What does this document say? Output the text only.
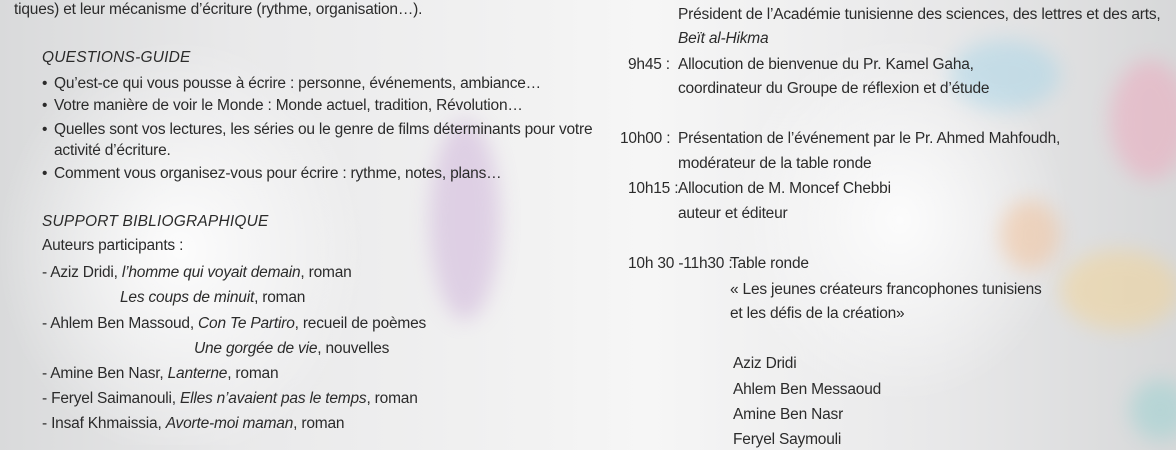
tiques) et leur mécanisme d’écriture (rythme, organisation…).
QUESTIONS-GUIDE
• Qu’est-ce qui vous pousse à écrire : personne, événements, ambiance…
• Votre manière de voir le Monde : Monde actuel, tradition, Révolution…
• Quelles sont vos lectures, les séries ou le genre de films déterminants pour votre
activité d’écriture.
• Comment vous organisez-vous pour écrire : rythme, notes, plans…
SUPPORT BIBLIOGRAPHIQUE
Auteurs participants :
- Aziz Dridi, l’homme qui voyait demain, roman
Les coups de minuit, roman
- Ahlem Ben Massoud, Con Te Partiro, recueil de poèmes
Une gorgée de vie, nouvelles
- Amine Ben Nasr, Lanterne, roman
- Feryel Saimanouli, Elles n’avaient pas le temps, roman
- Insaf Khmaissia, Avorte-moi maman, roman
Président de l’Académie tunisienne des sciences, des lettres et des arts,
Beït al-Hikma
9h45 : Allocution de bienvenue du Pr. Kamel Gaha,
coordinateur du Groupe de réflexion et d’étude
10h00 : Présentation de l’événement par le Pr. Ahmed Mahfoudh,
modérateur de la table ronde
10h15 : Allocution de M. Moncef Chebbi
auteur et éditeur
10h 30 -11h30 :
Table ronde
« Les jeunes créateurs francophones tunisiens
et les défis de la création»
Aziz Dridi
Ahlem Ben Messaoud
Amine Ben Nasr
Feryel Saymouli
